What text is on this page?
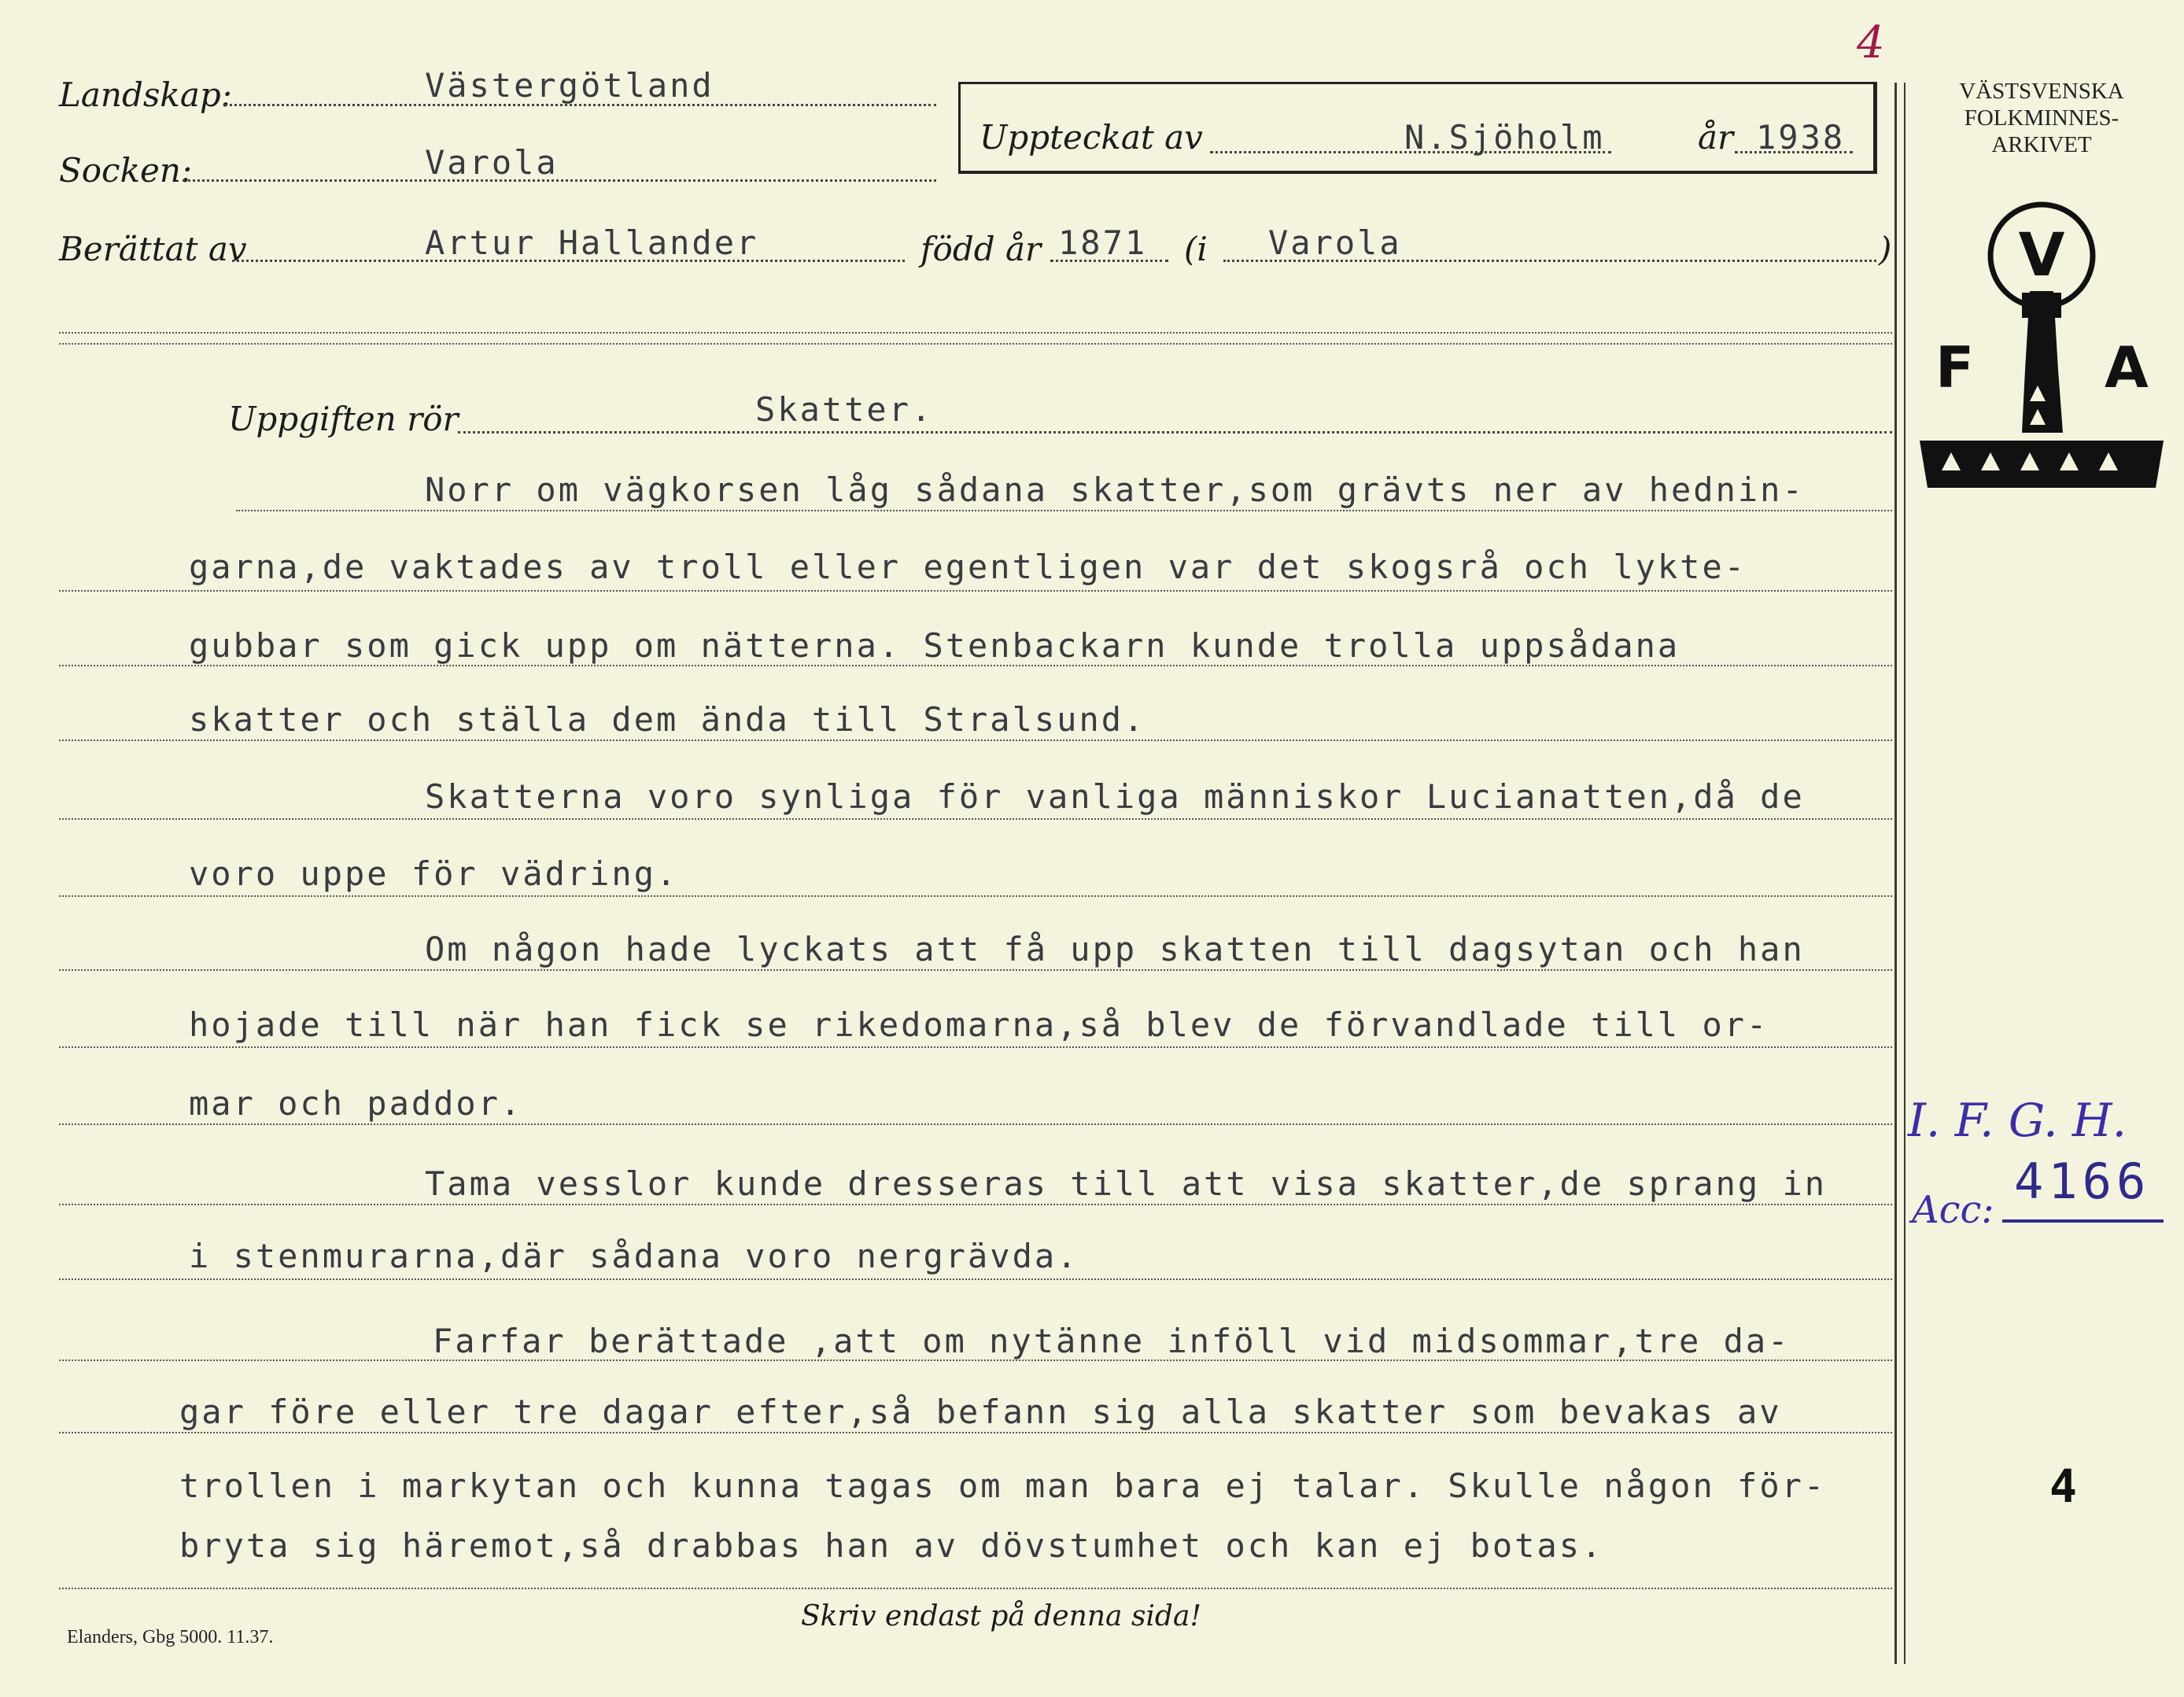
Landskap:	Västergötland
Socken:	Varola
Berättat av	Artur Hallander	född år 1871 (i Varola	)
Uppteckat av	N.Sjöholm	år 1938
4
VÄSTSVENSKA
FOLKMINNES-
ARKIVET
V
F A
I. F. G. H.
Acc: 4166
4
Uppgiften rör	Skatter.
Norr om vägkorsen låg sådana skatter,som grävts ner av hednin-
garna,de vaktades av troll eller egentligen var det skogsrå och lykte-
gubbar som gick upp om nätterna. Stenbackarn kunde trolla uppsådana
skatter och ställa dem ända till Stralsund.
Skatterna voro synliga för vanliga människor Lucianatten,då de
voro uppe för vädring.
Om någon hade lyckats att få upp skatten till dagsytan och han
hojade till när han fick se rikedomarna,så blev de förvandlade till or-
mar och paddor.
Tama vesslor kunde dresseras till att visa skatter,de sprang in
i stenmurarna,där sådana voro nergrävda.
Farfar berättade ,att om nytänne inföll vid midsommar,tre da-
gar före eller tre dagar efter,så befann sig alla skatter som bevakas av
trollen i markytan och kunna tagas om man bara ej talar. Skulle någon för-
bryta sig häremot,så drabbas han av dövstumhet och kan ej botas.
Elanders, Gbg 5000. 11.37.
Skriv endast på denna sida!
